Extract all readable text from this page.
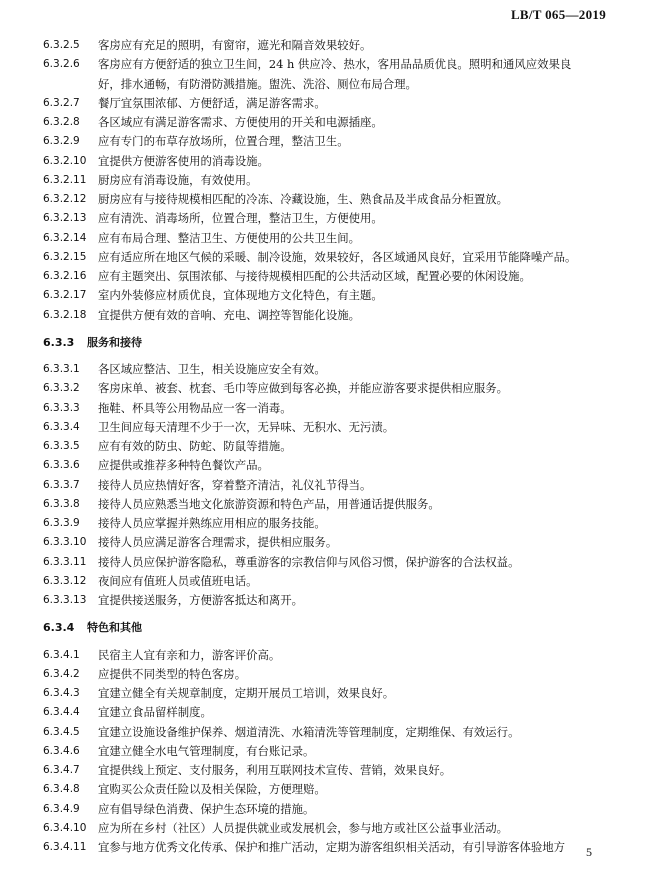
LB/T 065—2019
6.3.2.5	客房应有充足的照明，有窗帘，遮光和隔音效果较好。
6.3.2.6	客房应有方便舒适的独立卫生间，24 h 供应冷、热水，客用品品质优良。照明和通风应效果良
好，排水通畅，有防滑防溅措施。盥洗、洗浴、厕位布局合理。
6.3.2.7	餐厅宜氛围浓郁、方便舒适，满足游客需求。
6.3.2.8	各区域应有满足游客需求、方便使用的开关和电源插座。
6.3.2.9	应有专门的布草存放场所，位置合理，整洁卫生。
6.3.2.10	宜提供方便游客使用的消毒设施。
6.3.2.11	厨房应有消毒设施，有效使用。
6.3.2.12	厨房应有与接待规模相匹配的冷冻、冷藏设施，生、熟食品及半成食品分柜置放。
6.3.2.13	应有清洗、消毒场所，位置合理，整洁卫生，方便使用。
6.3.2.14	应有布局合理、整洁卫生、方便使用的公共卫生间。
6.3.2.15	应有适应所在地区气候的采暖、制冷设施，效果较好，各区域通风良好，宜采用节能降噪产品。
6.3.2.16	应有主题突出、氛围浓郁、与接待规模相匹配的公共活动区域，配置必要的休闲设施。
6.3.2.17	室内外装修应材质优良，宜体现地方文化特色，有主题。
6.3.2.18	宜提供方便有效的音响、充电、调控等智能化设施。
6.3.3	服务和接待
6.3.3.1	各区域应整洁、卫生，相关设施应安全有效。
6.3.3.2	客房床单、被套、枕套、毛巾等应做到每客必换，并能应游客要求提供相应服务。
6.3.3.3	拖鞋、杯具等公用物品应一客一消毒。
6.3.3.4	卫生间应每天清理不少于一次，无异味、无积水、无污渍。
6.3.3.5	应有有效的防虫、防蛇、防鼠等措施。
6.3.3.6	应提供或推荐多种特色餐饮产品。
6.3.3.7	接待人员应热情好客，穿着整齐清洁，礼仪礼节得当。
6.3.3.8	接待人员应熟悉当地文化旅游资源和特色产品，用普通话提供服务。
6.3.3.9	接待人员应掌握并熟练应用相应的服务技能。
6.3.3.10	接待人员应满足游客合理需求，提供相应服务。
6.3.3.11	接待人员应保护游客隐私，尊重游客的宗教信仰与风俗习惯，保护游客的合法权益。
6.3.3.12	夜间应有值班人员或值班电话。
6.3.3.13	宜提供接送服务，方便游客抵达和离开。
6.3.4	特色和其他
6.3.4.1	民宿主人宜有亲和力，游客评价高。
6.3.4.2	应提供不同类型的特色客房。
6.3.4.3	宜建立健全有关规章制度，定期开展员工培训，效果良好。
6.3.4.4	宜建立食品留样制度。
6.3.4.5	宜建立设施设备维护保养、烟道清洗、水箱清洗等管理制度，定期维保、有效运行。
6.3.4.6	宜建立健全水电气管理制度，有台账记录。
6.3.4.7	宜提供线上预定、支付服务，利用互联网技术宣传、营销，效果良好。
6.3.4.8	宜购买公众责任险以及相关保险，方便理赔。
6.3.4.9	应有倡导绿色消费、保护生态环境的措施。
6.3.4.10	应为所在乡村（社区）人员提供就业或发展机会，参与地方或社区公益事业活动。
6.3.4.11	宜参与地方优秀文化传承、保护和推广活动，定期为游客组织相关活动，有引导游客体验地方	5
